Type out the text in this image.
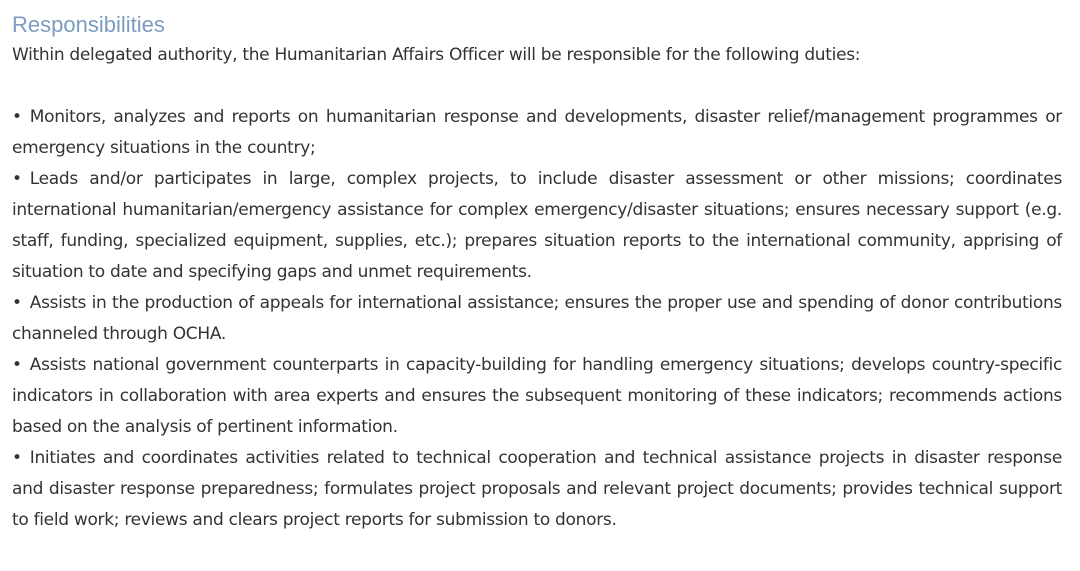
Responsibilities

Within delegated authority, the Humanitarian Affairs Officer will be responsible for the following duties:

• Monitors, analyzes and reports on humanitarian response and developments, disaster relief/management programmes or emergency situations in the country;
• Leads and/or participates in large, complex projects, to include disaster assessment or other missions; coordinates international humanitarian/emergency assistance for complex emergency/disaster situations; ensures necessary support (e.g. staff, funding, specialized equipment, supplies, etc.); prepares situation reports to the international community, apprising of situation to date and specifying gaps and unmet requirements.
• Assists in the production of appeals for international assistance; ensures the proper use and spending of donor contributions channeled through OCHA.
• Assists national government counterparts in capacity-building for handling emergency situations; develops country-specific indicators in collaboration with area experts and ensures the subsequent monitoring of these indicators; recommends actions based on the analysis of pertinent information.
• Initiates and coordinates activities related to technical cooperation and technical assistance projects in disaster response and disaster response preparedness; formulates project proposals and relevant project documents; provides technical support to field work; reviews and clears project reports for submission to donors.
